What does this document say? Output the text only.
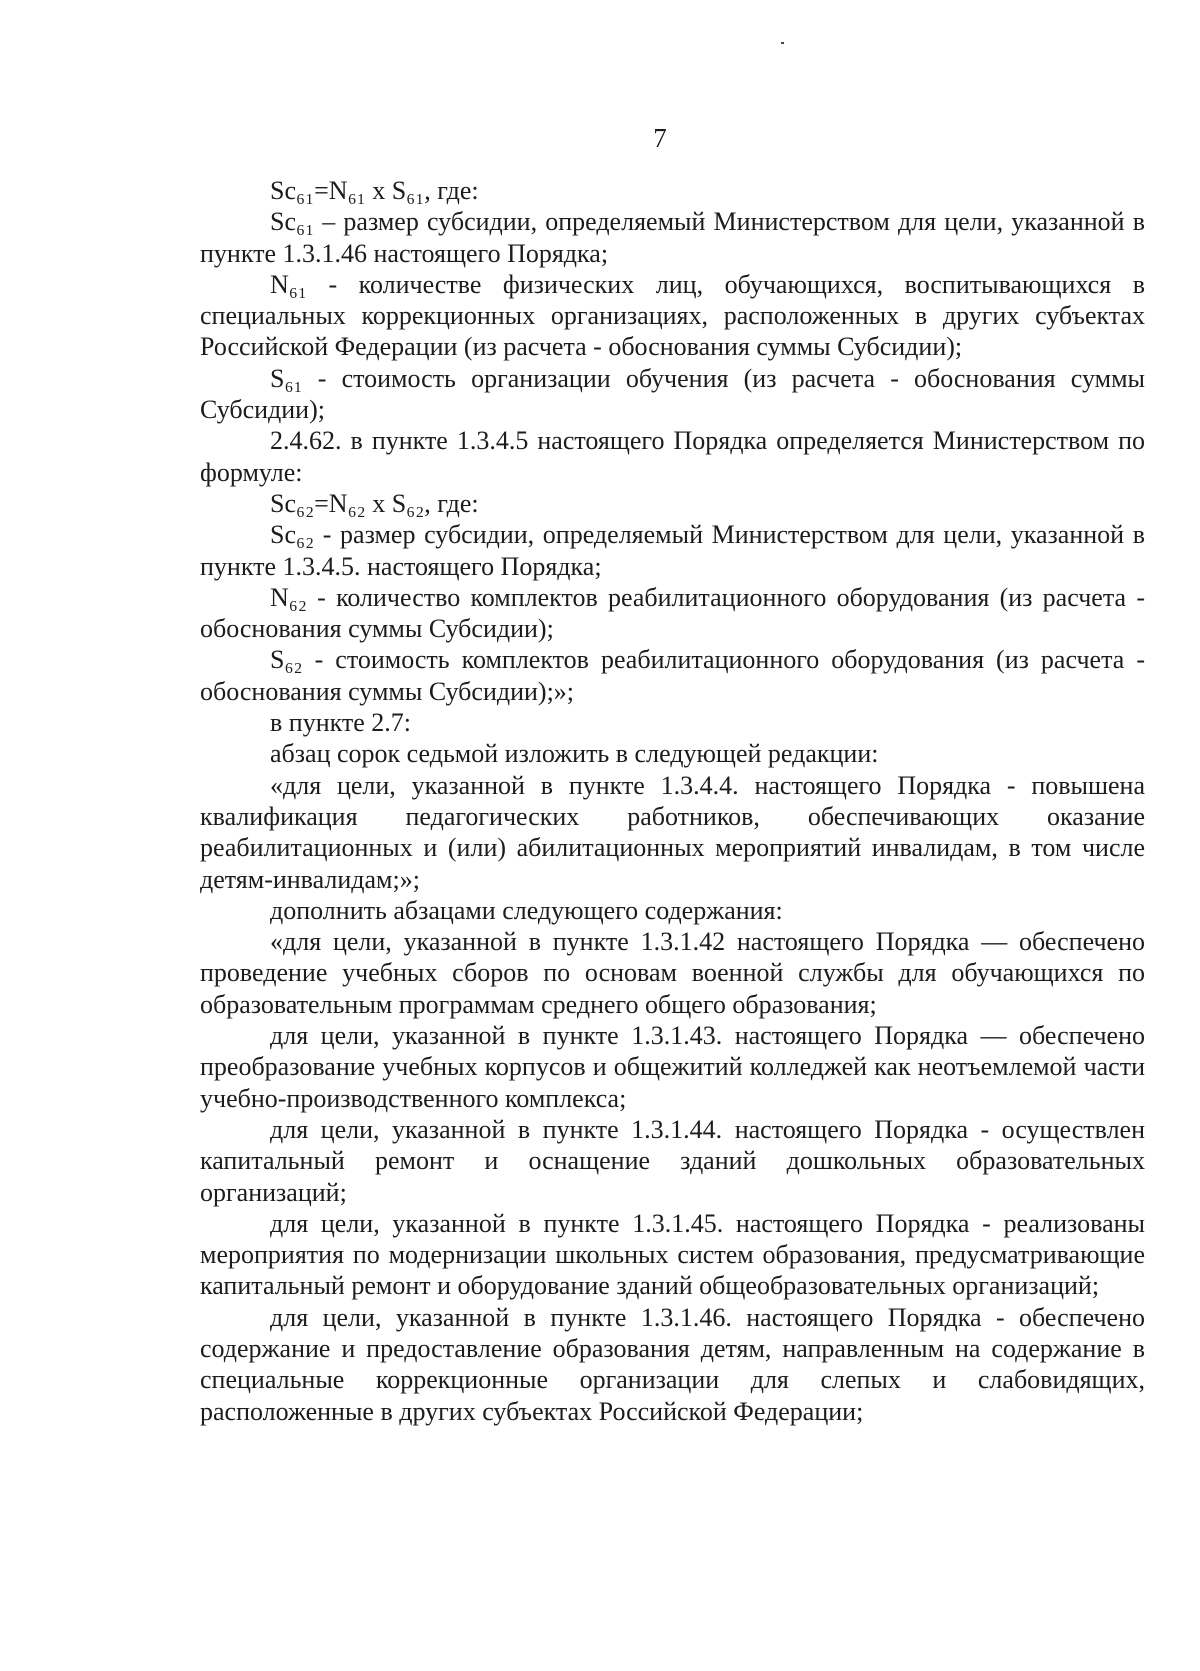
7

Sс₆₁=N₆₁ x S₆₁, где:

Sс₆₁ – размер субсидии, определяемый Министерством для цели, указанной в пункте 1.3.1.46 настоящего Порядка;

N₆₁ - количестве физических лиц, обучающихся, воспитывающихся в специальных коррекционных организациях, расположенных в других субъектах Российской Федерации (из расчета - обоснования суммы Субсидии);

S₆₁ - стоимость организации обучения (из расчета - обоснования суммы Субсидии);

2.4.62. в пункте 1.3.4.5 настоящего Порядка определяется Министерством по формуле:

Sс₆₂=N₆₂ x S₆₂, где:

Sс₆₂ - размер субсидии, определяемый Министерством для цели, указанной в пункте 1.3.4.5. настоящего Порядка;

N₆₂ - количество комплектов реабилитационного оборудования (из расчета - обоснования суммы Субсидии);

S₆₂ - стоимость комплектов реабилитационного оборудования (из расчета - обоснования суммы Субсидии);»;

в пункте 2.7:

абзац сорок седьмой изложить в следующей редакции:

«для цели, указанной в пункте 1.3.4.4. настоящего Порядка - повышена квалификация педагогических работников, обеспечивающих оказание реабилитационных и (или) абилитационных мероприятий инвалидам, в том числе детям-инвалидам;»;

дополнить абзацами следующего содержания:

«для цели, указанной в пункте 1.3.1.42 настоящего Порядка — обеспечено проведение учебных сборов по основам военной службы для обучающихся по образовательным программам среднего общего образования;

для цели, указанной в пункте 1.3.1.43. настоящего Порядка — обеспечено преобразование учебных корпусов и общежитий колледжей как неотъемлемой части учебно-производственного комплекса;

для цели, указанной в пункте 1.3.1.44. настоящего Порядка - осуществлен капитальный ремонт и оснащение зданий дошкольных образовательных организаций;

для цели, указанной в пункте 1.3.1.45. настоящего Порядка - реализованы мероприятия по модернизации школьных систем образования, предусматривающие капитальный ремонт и оборудование зданий общеобразовательных организаций;

для цели, указанной в пункте 1.3.1.46. настоящего Порядка - обеспечено содержание и предоставление образования детям, направленным на содержание в специальные коррекционные организации для слепых и слабовидящих, расположенные в других субъектах Российской Федерации;
